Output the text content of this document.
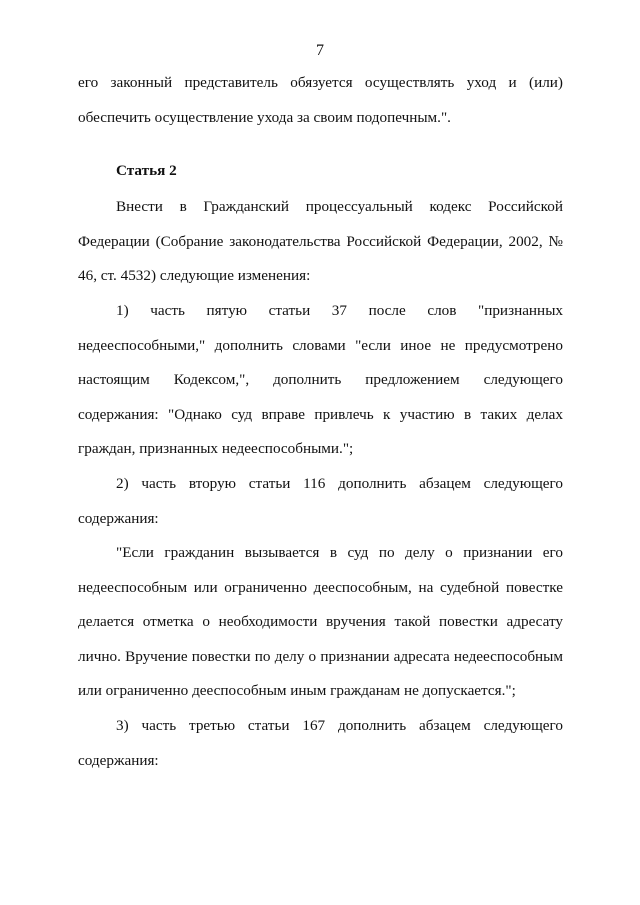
7

его законный представитель обязуется осуществлять уход и (или) обеспечить осуществление ухода за своим подопечным.".

Статья 2

Внести в Гражданский процессуальный кодекс Российской Федерации (Собрание законодательства Российской Федерации, 2002, № 46, ст. 4532) следующие изменения:

1) часть пятую статьи 37 после слов "признанных недееспособными," дополнить словами "если иное не предусмотрено настоящим Кодексом,", дополнить предложением следующего содержания: "Однако суд вправе привлечь к участию в таких делах граждан, признанных недееспособными.";

2) часть вторую статьи 116 дополнить абзацем следующего содержания:

"Если гражданин вызывается в суд по делу о признании его недееспособным или ограниченно дееспособным, на судебной повестке делается отметка о необходимости вручения такой повестки адресату лично. Вручение повестки по делу о признании адресата недееспособным или ограниченно дееспособным иным гражданам не допускается.";

3) часть третью статьи 167 дополнить абзацем следующего содержания:
